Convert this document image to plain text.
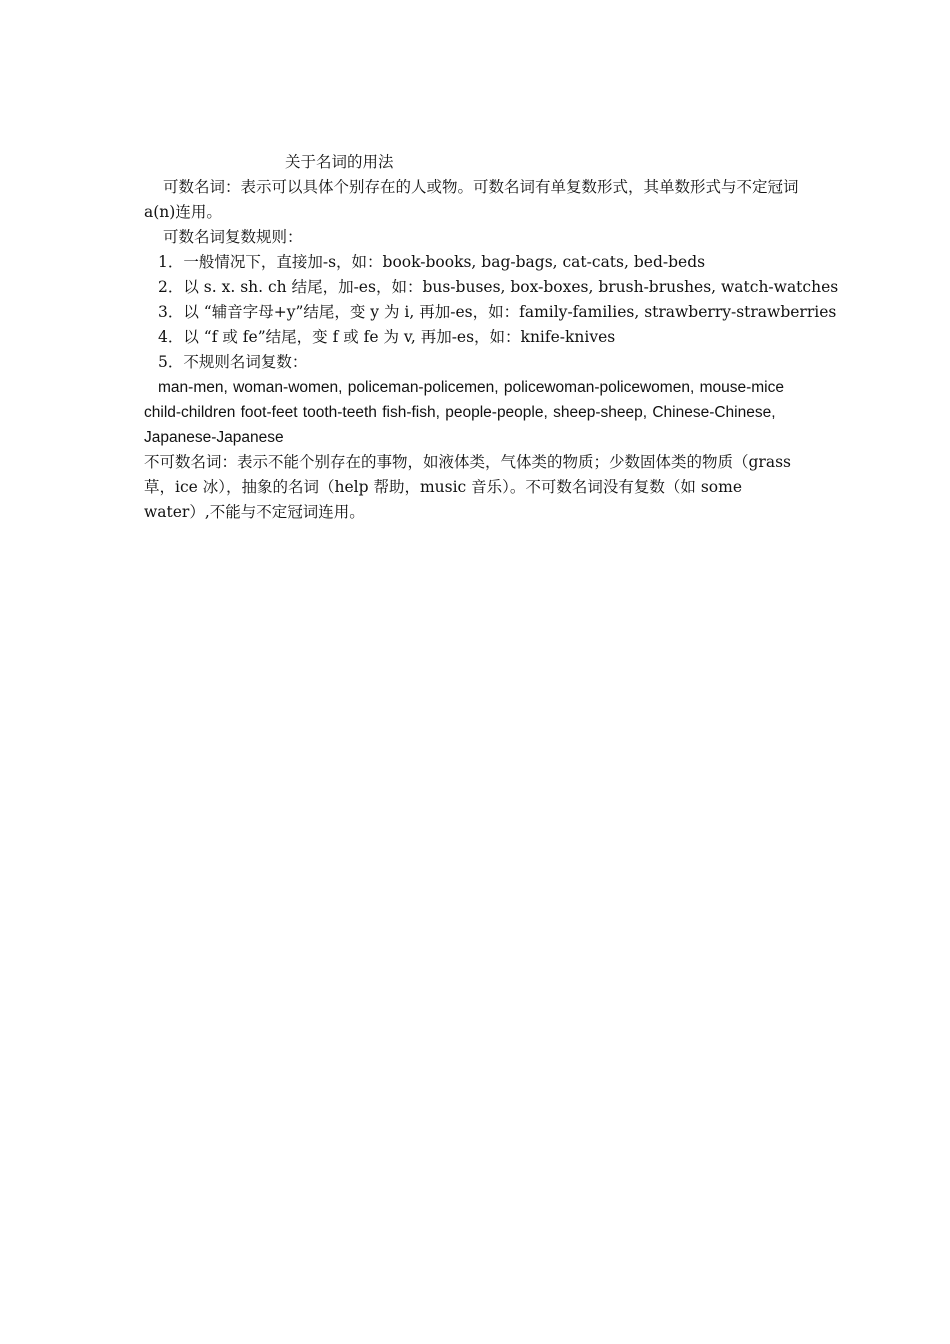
关于名词的用法

可数名词：表示可以具体个别存在的人或物。可数名词有单复数形式，其单数形式与不定冠词 a(n)连用。

可数名词复数规则：

1．一般情况下，直接加-s，如：book-books, bag-bags, cat-cats, bed-beds

2．以 s. x. sh. ch 结尾，加-es，如：bus-buses, box-boxes, brush-brushes, watch-watches

3．以 “辅音字母+y”结尾，变 y 为 i, 再加-es，如：family-families, strawberry-strawberries

4．以 “f 或 fe”结尾，变 f 或 fe 为 v, 再加-es，如：knife-knives

5．不规则名词复数：

man-men, woman-women, policeman-policemen, policewoman-policewomen, mouse-mice child-children foot-feet tooth-teeth fish-fish, people-people, sheep-sheep, Chinese-Chinese, Japanese-Japanese

不可数名词：表示不能个别存在的事物，如液体类，气体类的物质；少数固体类的物质（grass 草，ice 冰），抽象的名词（help 帮助，music 音乐）。不可数名词没有复数（如 some water）,不能与不定冠词连用。
